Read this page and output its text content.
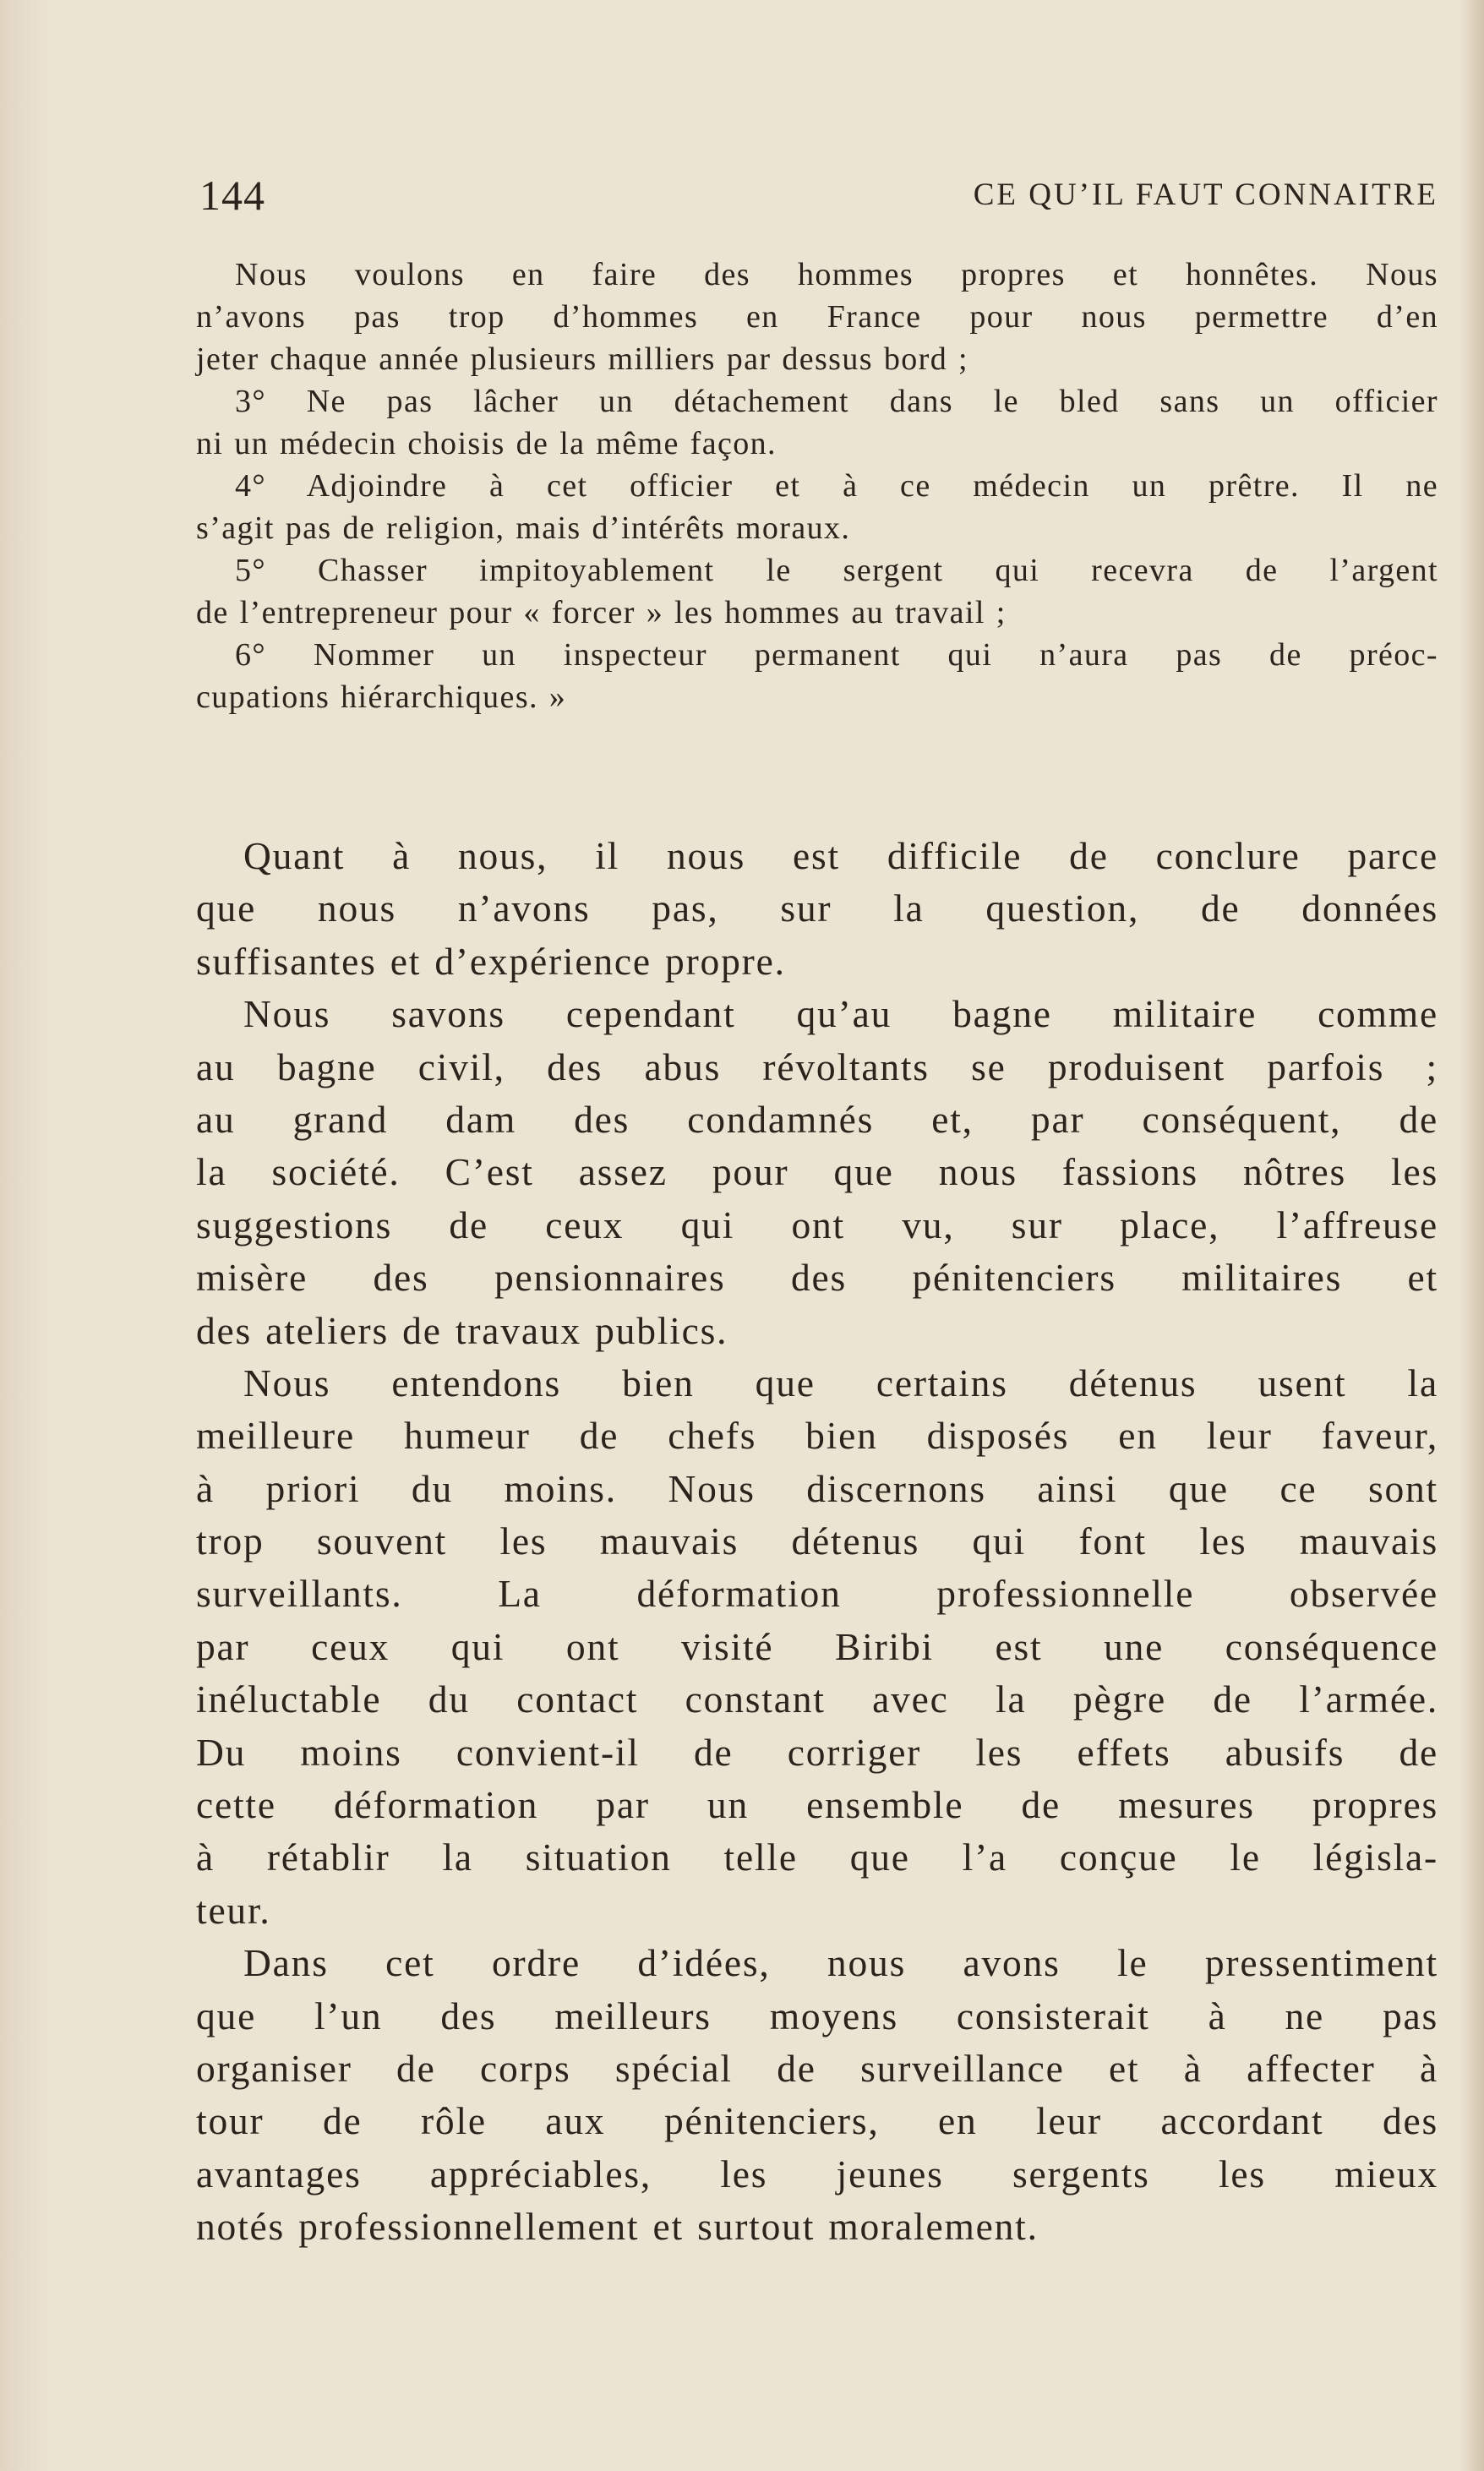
144	CE QU’IL FAUT CONNAITRE
Nous voulons en faire des hommes propres et honnêtes. Nous
n’avons pas trop d’hommes en France pour nous permettre d’en
jeter chaque année plusieurs milliers par dessus bord ;
3° Ne pas lâcher un détachement dans le bled sans un officier
ni un médecin choisis de la même façon.
4° Adjoindre à cet officier et à ce médecin un prêtre. Il ne
s’agit pas de religion, mais d’intérêts moraux.
5° Chasser impitoyablement le sergent qui recevra de l’argent
de l’entrepreneur pour « forcer » les hommes au travail ;
6° Nommer un inspecteur permanent qui n’aura pas de préoc-
cupations hiérarchiques. »
Quant à nous, il nous est difficile de conclure parce
que nous n’avons pas, sur la question, de données
suffisantes et d’expérience propre.
Nous savons cependant qu’au bagne militaire comme
au bagne civil, des abus révoltants se produisent parfois ;
au grand dam des condamnés et, par conséquent, de
la société. C’est assez pour que nous fassions nôtres les
suggestions de ceux qui ont vu, sur place, l’affreuse
misère des pensionnaires des pénitenciers militaires et
des ateliers de travaux publics.
Nous entendons bien que certains détenus usent la
meilleure humeur de chefs bien disposés en leur faveur,
à priori du moins. Nous discernons ainsi que ce sont
trop souvent les mauvais détenus qui font les mauvais
surveillants. La déformation professionnelle observée
par ceux qui ont visité Biribi est une conséquence
inéluctable du contact constant avec la pègre de l’armée.
Du moins convient-il de corriger les effets abusifs de
cette déformation par un ensemble de mesures propres
à rétablir la situation telle que l’a conçue le législa-
teur.
Dans cet ordre d’idées, nous avons le pressentiment
que l’un des meilleurs moyens consisterait à ne pas
organiser de corps spécial de surveillance et à affecter à
tour de rôle aux pénitenciers, en leur accordant des
avantages appréciables, les jeunes sergents les mieux
notés professionnellement et surtout moralement.
